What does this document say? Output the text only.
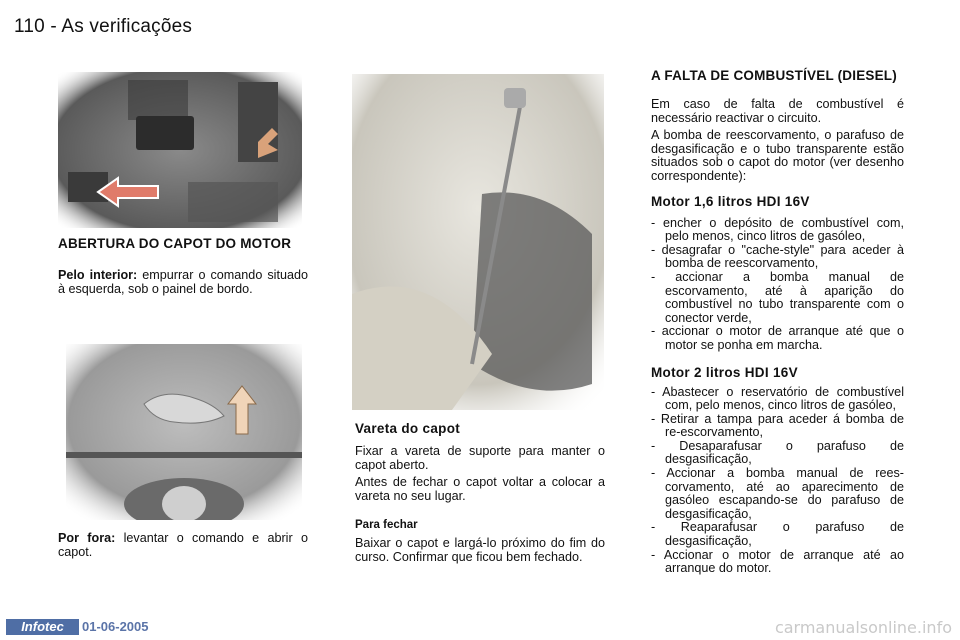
110 - As verificações
ABERTURA DO CAPOT DO MOTOR

Pelo interior: empurrar o comando situado à esquerda, sob o painel de bordo.

Por fora: levantar o comando e abrir o capot.

Vareta do capot

Fixar a vareta de suporte para manter o capot aberto.

Antes de fechar o capot voltar a colocar a vareta no seu lugar.

Para fechar

Baixar o capot e largá-lo próximo do fim do curso. Confirmar que ficou bem fechado.

A FALTA DE COMBUSTÍVEL (DIESEL)

Em caso de falta de combustível é necessário reactivar o circuito.

A bomba de reescorvamento, o parafuso de desgasificação e o tubo transparente estão situados sob o capot do motor (ver desenho correspondente):

Motor 1,6 litros HDI 16V
- encher o depósito de combustível com, pelo menos, cinco litros de gasóleo,
- desagrafar o "cache-style" para aceder à bomba de reescorvamento,
- accionar a bomba manual de escorvamento, até à aparição do combustível no tubo transparente com o conector verde,
- accionar o motor de arranque até que o motor se ponha em marcha.
Motor 2 litros HDI 16V
- Abastecer o reservatório de combustível com, pelo menos, cinco litros de gasóleo,
- Retirar a tampa para aceder á bomba de re-escorvamento,
- Desaparafusar o parafuso de desgasificação,
- Accionar a bomba manual de rees-corvamento, até ao aparecimento de gasóleo escapando-se do parafuso de desgasificação,
- Reaparafusar o parafuso de desgasificação,
- Accionar o motor de arranque até ao arranque do motor.
Infotec	01-06-2005	carmanualsonline.info
